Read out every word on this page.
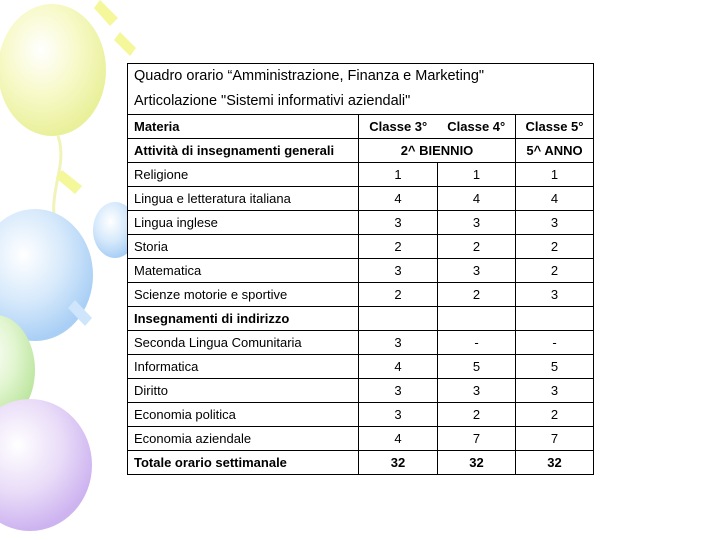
Quadro orario “Amministrazione, Finanza e Marketing"			
Articolazione "Sistemi informativi aziendali"			
Materia	Classe 3°	Classe 4°	Classe 5°
Attività di insegnamenti generali	2^ BIENNIO		5^ ANNO
Religione	1	1	1
Lingua e letteratura italiana	4	4	4
Lingua inglese	3	3	3
Storia	2	2	2
Matematica	3	3	2
Scienze motorie e sportive	2	2	3
Insegnamenti di indirizzo			
Seconda Lingua Comunitaria	3	-	-
Informatica	4	5	5
Diritto	3	3	3
Economia politica	3	2	2
Economia aziendale	4	7	7
Totale orario settimanale	32	32	32
